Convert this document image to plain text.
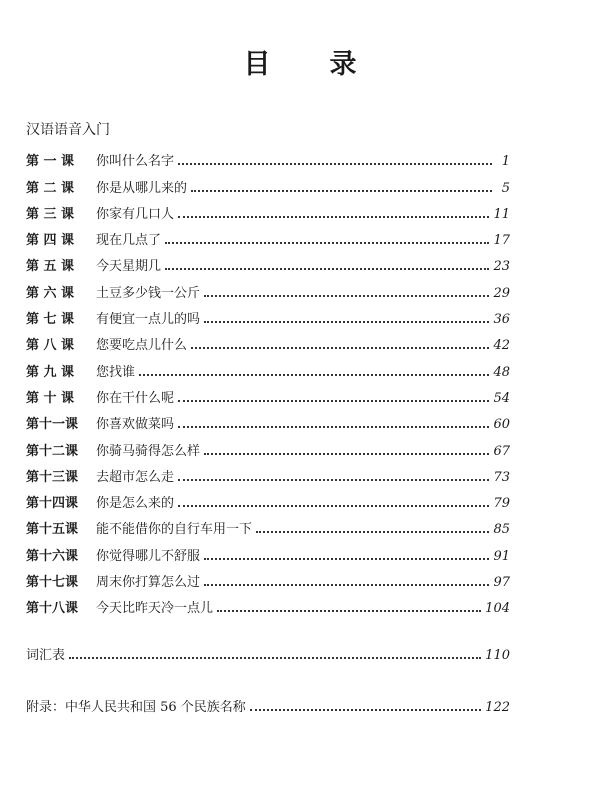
目　录
汉语语音入门
第 一 课	你叫什么名字	1
第 二 课	你是从哪儿来的	5
第 三 课	你家有几口人	11
第 四 课	现在几点了	17
第 五 课	今天星期几	23
第 六 课	土豆多少钱一公斤	29
第 七 课	有便宜一点儿的吗	36
第 八 课	您要吃点儿什么	42
第 九 课	您找谁	48
第 十 课	你在干什么呢	54
第十一课	你喜欢做菜吗	60
第十二课	你骑马骑得怎么样	67
第十三课	去超市怎么走	73
第十四课	你是怎么来的	79
第十五课	能不能借你的自行车用一下	85
第十六课	你觉得哪儿不舒服	91
第十七课	周末你打算怎么过	97
第十八课	今天比昨天冷一点儿	104
词汇表	110
附录：中华人民共和国 56 个民族名称	122
